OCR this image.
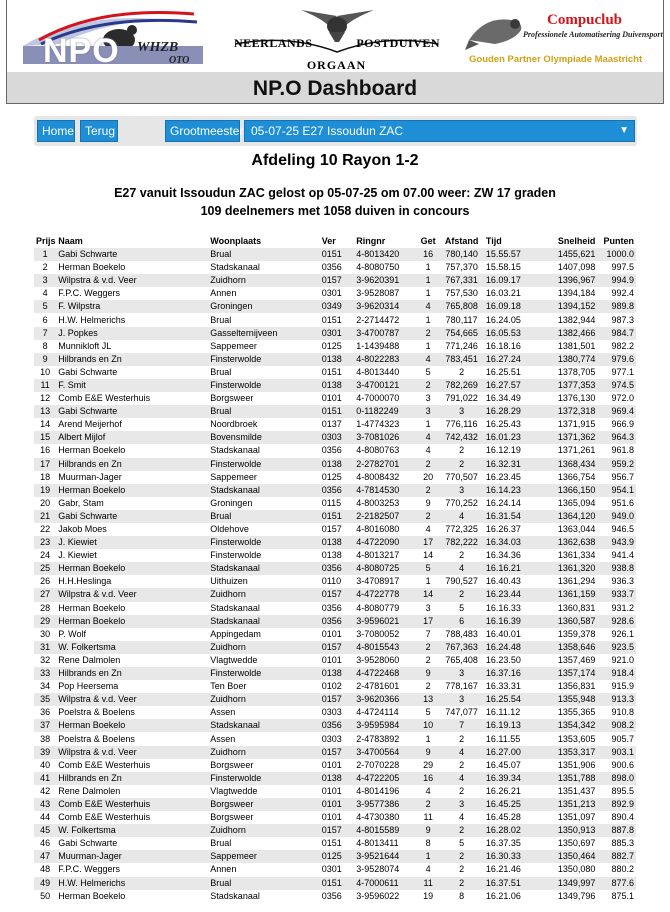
NPO WHZB
OTO
NEERLANDS	POSTDUIVEN
ORGAAN
Compuclub
Professionele Automatisering Duivensport
Gouden Partner Olympiade Maastricht
NP.O Dashboard
Home Terug	Grootmeester 05-07-25 E27 Issoudun ZAC	▼
Afdeling 10 Rayon 1-2
E27 vanuit Issoudun ZAC gelost op 05-07-25 om 07.00 weer: ZW 17 graden
109 deelnemers met 1058 duiven in concours
Prijs	Naam	Woonplaats	Ver	Ringnr	Get	Afstand	Tijd	Snelheid	Punten
1	Gabi Schwarte	Brual	0151	4-8013420	16	780,140	15.55.57	1455,621	1000.0
2	Herman Boekelo	Stadskanaal	0356	4-8080750	1	757,370	15.58.15	1407,098	997.5
3	Wilpstra & v.d. Veer	Zuidhorn	0157	3-9620391	1	767,331	16.09.17	1396,967	994.9
4	F.P.C. Weggers	Annen	0301	3-9528087	1	757,530	16.03.21	1394,184	992.4
5	F. Wilpstra	Groningen	0349	3-9620314	4	765,808	16.09.18	1394,152	989.8
6	H.W. Helmerichs	Brual	0151	2-2714472	1	780,117	16.24.05	1382,944	987.3
7	J. Popkes	Gasselternijveen	0301	3-4700787	2	754,665	16.05.53	1382,466	984.7
8	Munnikloft JL	Sappemeer	0125	1-1439488	1	771,246	16.18.16	1381,501	982.2
9	Hilbrands en Zn	Finsterwolde	0138	4-8022283	4	783,451	16.27.24	1380,774	979.6
10	Gabi Schwarte	Brual	0151	4-8013440	5	2	16.25.51	1378,705	977.1
11	F. Smit	Finsterwolde	0138	3-4700121	2	782,269	16.27.57	1377,353	974.5
12	Comb E&E Westerhuis	Borgsweer	0101	4-7000070	3	791,022	16.34.49	1376,130	972.0
13	Gabi Schwarte	Brual	0151	0-1182249	3	3	16.28.29	1372,318	969.4
14	Arend Meijerhof	Noordbroek	0137	1-4774323	1	776,116	16.25.43	1371,915	966.9
15	Albert Mijlof	Bovensmilde	0303	3-7081026	4	742,432	16.01.23	1371,362	964.3
16	Herman Boekelo	Stadskanaal	0356	4-8080763	4	2	16.12.19	1371,261	961.8
17	Hilbrands en Zn	Finsterwolde	0138	2-2782701	2	2	16.32.31	1368,434	959.2
18	Muurman-Jager	Sappemeer	0125	4-8008432	20	770,507	16.23.45	1366,754	956.7
19	Herman Boekelo	Stadskanaal	0356	4-7814530	2	3	16.14.23	1366,150	954.1
20	Gabr, Stam	Groningen	0115	4-8003253	9	770,252	16.24.14	1365,094	951.6
21	Gabi Schwarte	Brual	0151	2-2182507	2	4	16.31.54	1364,120	949.0
22	Jakob Moes	Oldehove	0157	4-8016080	4	772,325	16.26.37	1363,044	946.5
23	J. Kiewiet	Finsterwolde	0138	4-4722090	17	782,222	16.34.03	1362,638	943.9
24	J. Kiewiet	Finsterwolde	0138	4-8013217	14	2	16.34.36	1361,334	941.4
25	Herman Boekelo	Stadskanaal	0356	4-8080725	5	4	16.16.21	1361,320	938.8
26	H.H.Heslinga	Uithuizen	0110	3-4708917	1	790,527	16.40.43	1361,294	936.3
27	Wilpstra & v.d. Veer	Zuidhorn	0157	4-4722778	14	2	16.23.44	1361,159	933.7
28	Herman Boekelo	Stadskanaal	0356	4-8080779	3	5	16.16.33	1360,831	931.2
29	Herman Boekelo	Stadskanaal	0356	3-9596021	17	6	16.16.39	1360,587	928.6
30	P. Wolf	Appingedam	0101	3-7080052	7	788,483	16.40.01	1359,378	926.1
31	W. Folkertsma	Zuidhorn	0157	4-8015543	2	767,363	16.24.48	1358,646	923.5
32	Rene Dalmolen	Vlagtwedde	0101	3-9528060	2	765,408	16.23.50	1357,469	921.0
33	Hilbrands en Zn	Finsterwolde	0138	4-4722468	9	3	16.37.16	1357,174	918.4
34	Pop Heersema	Ten Boer	0102	2-4781601	2	778,167	16.33.31	1356,831	915.9
35	Wilpstra & v.d. Veer	Zuidhorn	0157	3-9620366	13	3	16.25.54	1355,948	913.3
36	Poelstra & Boelens	Assen	0303	4-4724114	5	747,077	16.11.12	1355,365	910.8
37	Herman Boekelo	Stadskanaal	0356	3-9595984	10	7	16.19.13	1354,342	908.2
38	Poelstra & Boelens	Assen	0303	2-4783892	1	2	16.11.55	1353,605	905.7
39	Wilpstra & v.d. Veer	Zuidhorn	0157	3-4700564	9	4	16.27.00	1353,317	903.1
40	Comb E&E Westerhuis	Borgsweer	0101	2-7070228	29	2	16.45.07	1351,906	900.6
41	Hilbrands en Zn	Finsterwolde	0138	4-4722205	16	4	16.39.34	1351,788	898.0
42	Rene Dalmolen	Vlagtwedde	0101	4-8014196	4	2	16.26.21	1351,437	895.5
43	Comb E&E Westerhuis	Borgsweer	0101	3-9577386	2	3	16.45.25	1351,213	892.9
44	Comb E&E Westerhuis	Borgsweer	0101	4-4730380	11	4	16.45.28	1351,097	890.4
45	W. Folkertsma	Zuidhorn	0157	4-8015589	9	2	16.28.02	1350,913	887.8
46	Gabi Schwarte	Brual	0151	4-8013411	8	5	16.37.35	1350,697	885.3
47	Muurman-Jager	Sappemeer	0125	3-9521644	1	2	16.30.33	1350,464	882.7
48	F.P.C. Weggers	Annen	0301	3-9528074	4	2	16.21.46	1350,080	880.2
49	H.W. Helmerichs	Brual	0151	4-7000611	11	2	16.37.51	1349,997	877.6
50	Herman Boekelo	Stadskanaal	0356	3-9596022	19	8	16.21.06	1349,796	875.1
